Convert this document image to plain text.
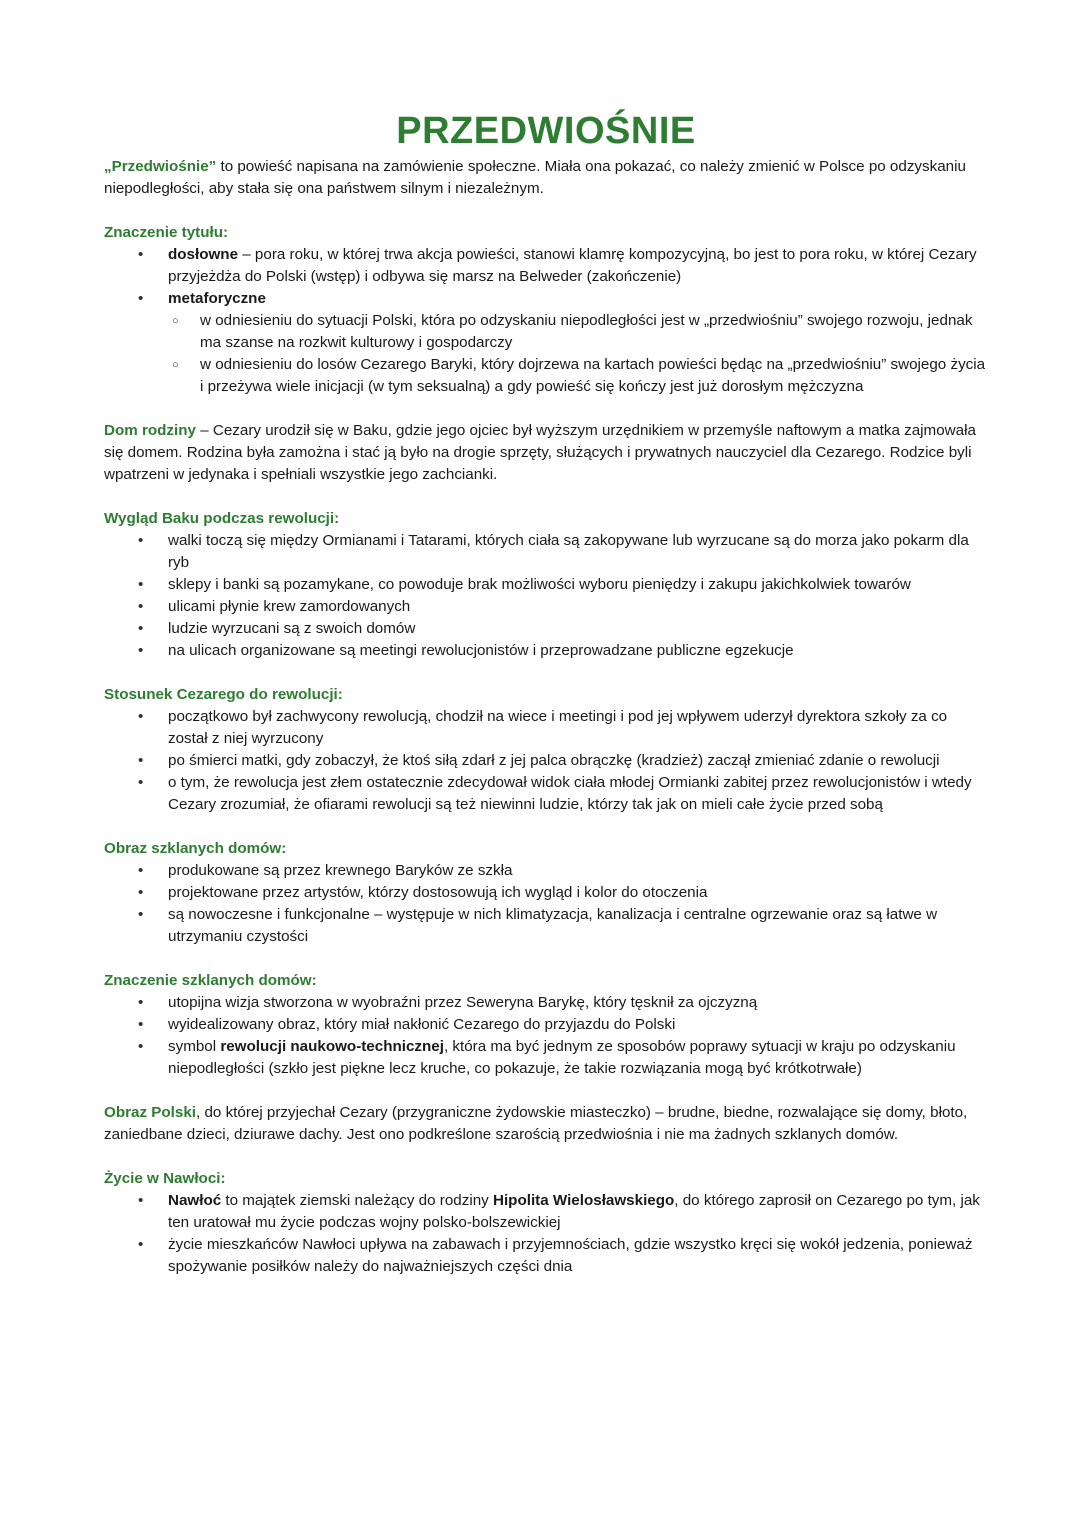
PRZEDWIOŚNIE

„Przedwiośnie” to powieść napisana na zamówienie społeczne. Miała ona pokazać, co należy zmienić w Polsce po odzyskaniu niepodległości, aby stała się ona państwem silnym i niezależnym.

Znaczenie tytułu:
• dosłowne – pora roku, w której trwa akcja powieści, stanowi klamrę kompozycyjną, bo jest to pora roku, w której Cezary przyjeżdża do Polski (wstęp) i odbywa się marsz na Belweder (zakończenie)
• metaforyczne
○ w odniesieniu do sytuacji Polski, która po odzyskaniu niepodległości jest w „przedwiośniu” swojego rozwoju, jednak ma szanse na rozkwit kulturowy i gospodarczy
○ w odniesieniu do losów Cezarego Baryki, który dojrzewa na kartach powieści będąc na „przedwiośniu” swojego życia i przeżywa wiele inicjacji (w tym seksualną) a gdy powieść się kończy jest już dorosłym mężczyzna

Dom rodziny – Cezary urodził się w Baku, gdzie jego ojciec był wyższym urzędnikiem w przemyśle naftowym a matka zajmowała się domem. Rodzina była zamożna i stać ją było na drogie sprzęty, służących i prywatnych nauczyciel dla Cezarego. Rodzice byli wpatrzeni w jedynaka i spełniali wszystkie jego zachcianki.

Wygląd Baku podczas rewolucji:
• walki toczą się między Ormianami i Tatarami, których ciała są zakopywane lub wyrzucane są do morza jako pokarm dla ryb
• sklepy i banki są pozamykane, co powoduje brak możliwości wyboru pieniędzy i zakupu jakichkolwiek towarów
• ulicami płynie krew zamordowanych
• ludzie wyrzucani są z swoich domów
• na ulicach organizowane są meetingi rewolucjonistów i przeprowadzane publiczne egzekucje
Stosunek Cezarego do rewolucji:
• początkowo był zachwycony rewolucją, chodził na wiece i meetingi i pod jej wpływem uderzył dyrektora szkoły za co został z niej wyrzucony
• po śmierci matki, gdy zobaczył, że ktoś siłą zdarł z jej palca obrączkę (kradzież) zaczął zmieniać zdanie o rewolucji
• o tym, że rewolucja jest złem ostatecznie zdecydował widok ciała młodej Ormianki zabitej przez rewolucjonistów i wtedy Cezary zrozumiał, że ofiarami rewolucji są też niewinni ludzie, którzy tak jak on mieli całe życie przed sobą
Obraz szklanych domów:
• produkowane są przez krewnego Baryków ze szkła
• projektowane przez artystów, którzy dostosowują ich wygląd i kolor do otoczenia
• są nowoczesne i funkcjonalne – występuje w nich klimatyzacja, kanalizacja i centralne ogrzewanie oraz są łatwe w utrzymaniu czystości
Znaczenie szklanych domów:
• utopijna wizja stworzona w wyobraźni przez Seweryna Barykę, który tęsknił za ojczyzną
• wyidealizowany obraz, który miał nakłonić Cezarego do przyjazdu do Polski
• symbol rewolucji naukowo-technicznej, która ma być jednym ze sposobów poprawy sytuacji w kraju po odzyskaniu niepodległości (szkło jest piękne lecz kruche, co pokazuje, że takie rozwiązania mogą być krótkotrwałe)

Obraz Polski, do której przyjechał Cezary (przygraniczne żydowskie miasteczko) – brudne, biedne, rozwalające się domy, błoto, zaniedbane dzieci, dziurawe dachy. Jest ono podkreślone szarością przedwiośnia i nie ma żadnych szklanych domów.

Życie w Nawłoci:
• Nawłoć to majątek ziemski należący do rodziny Hipolita Wielosławskiego, do którego zaprosił on Cezarego po tym, jak ten uratował mu życie podczas wojny polsko-bolszewickiej
• życie mieszkańców Nawłoci upływa na zabawach i przyjemnościach, gdzie wszystko kręci się wokół jedzenia, ponieważ spożywanie posiłków należy do najważniejszych części dnia
